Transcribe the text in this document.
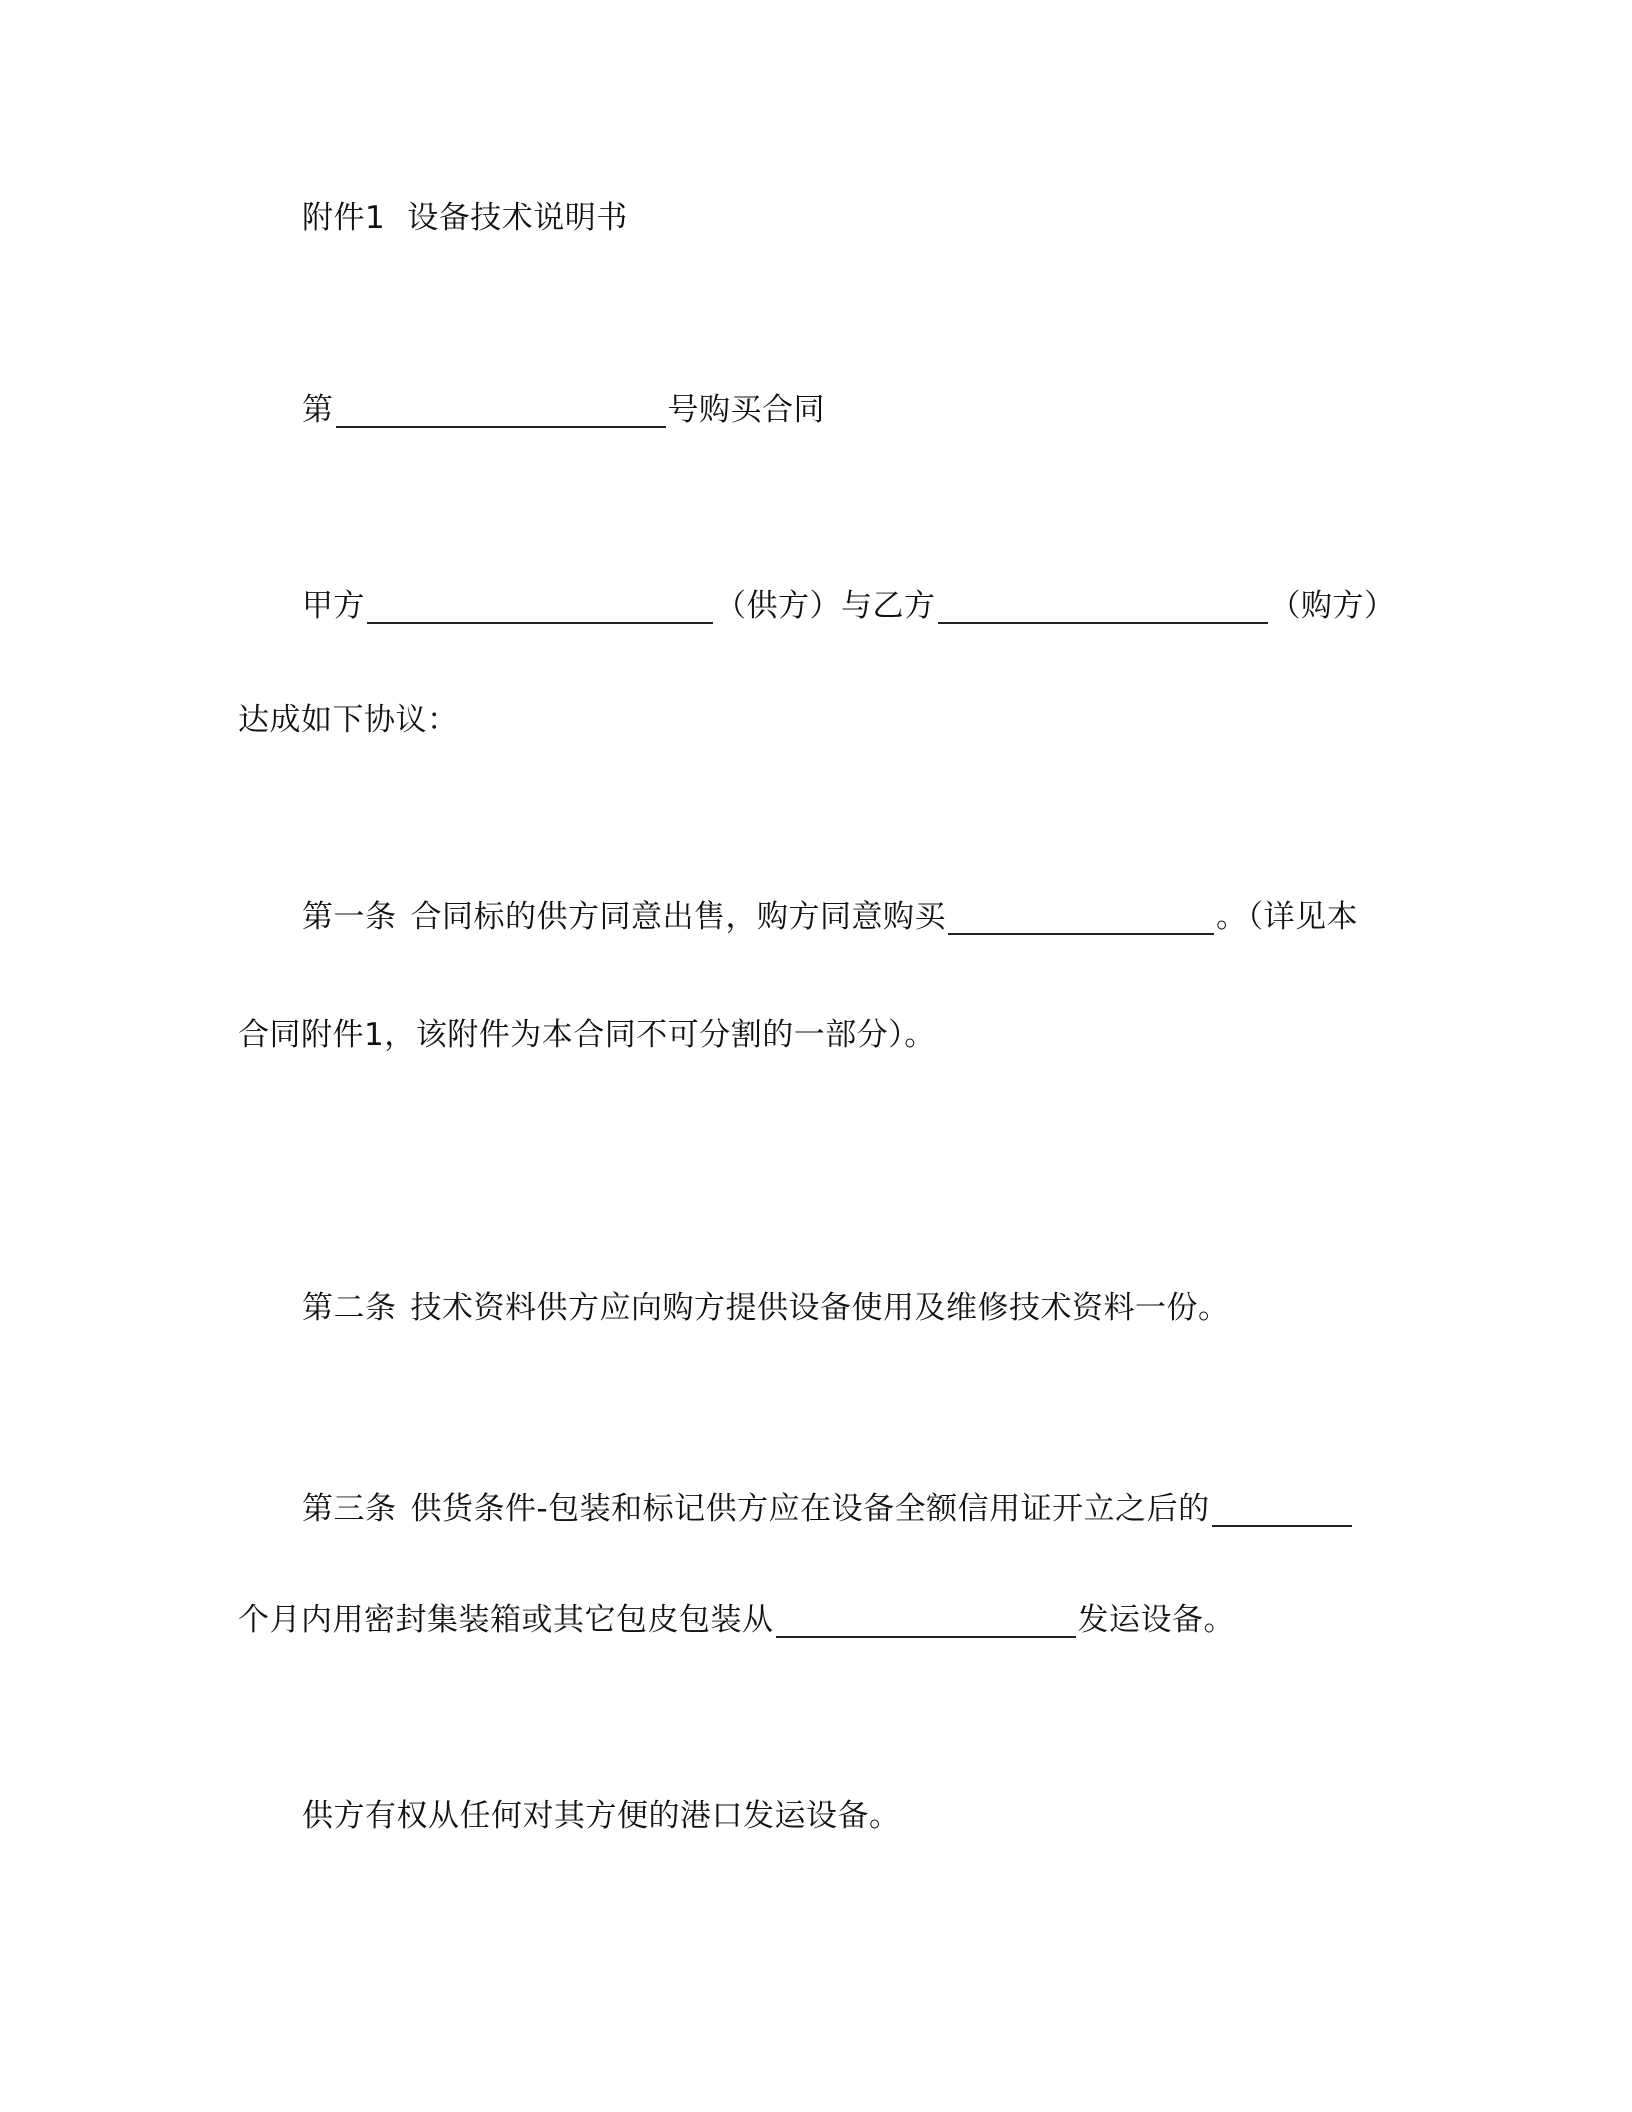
附件1 设备技术说明书
第	号购买合同
甲方	（供方）与乙方	（购方）
达成如下协议：
第一条 合同标的供方同意出售，购方同意购买	。（详见本
合同附件1，该附件为本合同不可分割的一部分）。
第二条 技术资料供方应向购方提供设备使用及维修技术资料一份。
第三条 供货条件-包装和标记供方应在设备全额信用证开立之后的
个月内用密封集装箱或其它包皮包装从	发运设备。
供方有权从任何对其方便的港口发运设备。
